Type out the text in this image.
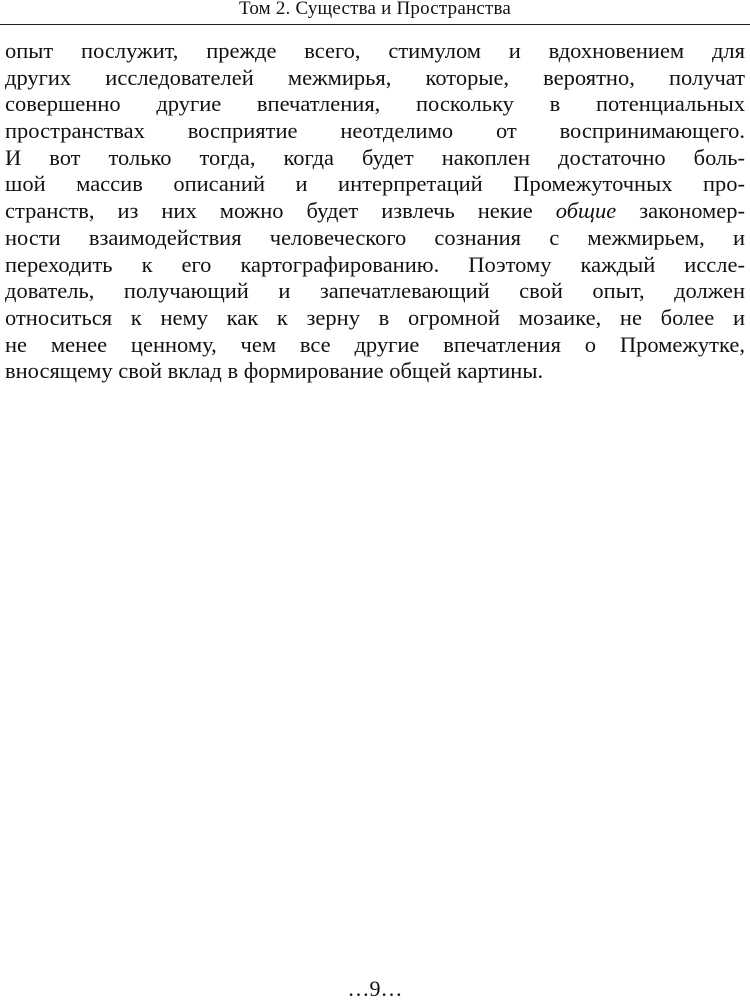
Том 2. Существа и Пространства
опыт послужит, прежде всего, стимулом и вдохновением для
других исследователей межмирья, которые, вероятно, получат
совершенно другие впечатления, поскольку в потенциальных
пространствах восприятие неотделимо от воспринимающего.
И вот только тогда, когда будет накоплен достаточно боль-
шой массив описаний и интерпретаций Промежуточных про-
странств, из них можно будет извлечь некие общие закономер-
ности взаимодействия человеческого сознания с межмирьем, и
переходить к его картографированию. Поэтому каждый иссле-
дователь, получающий и запечатлевающий свой опыт, должен
относиться к нему как к зерну в огромной мозаике, не более и
не менее ценному, чем все другие впечатления о Промежутке,
вносящему свой вклад в формирование общей картины.
…9…
